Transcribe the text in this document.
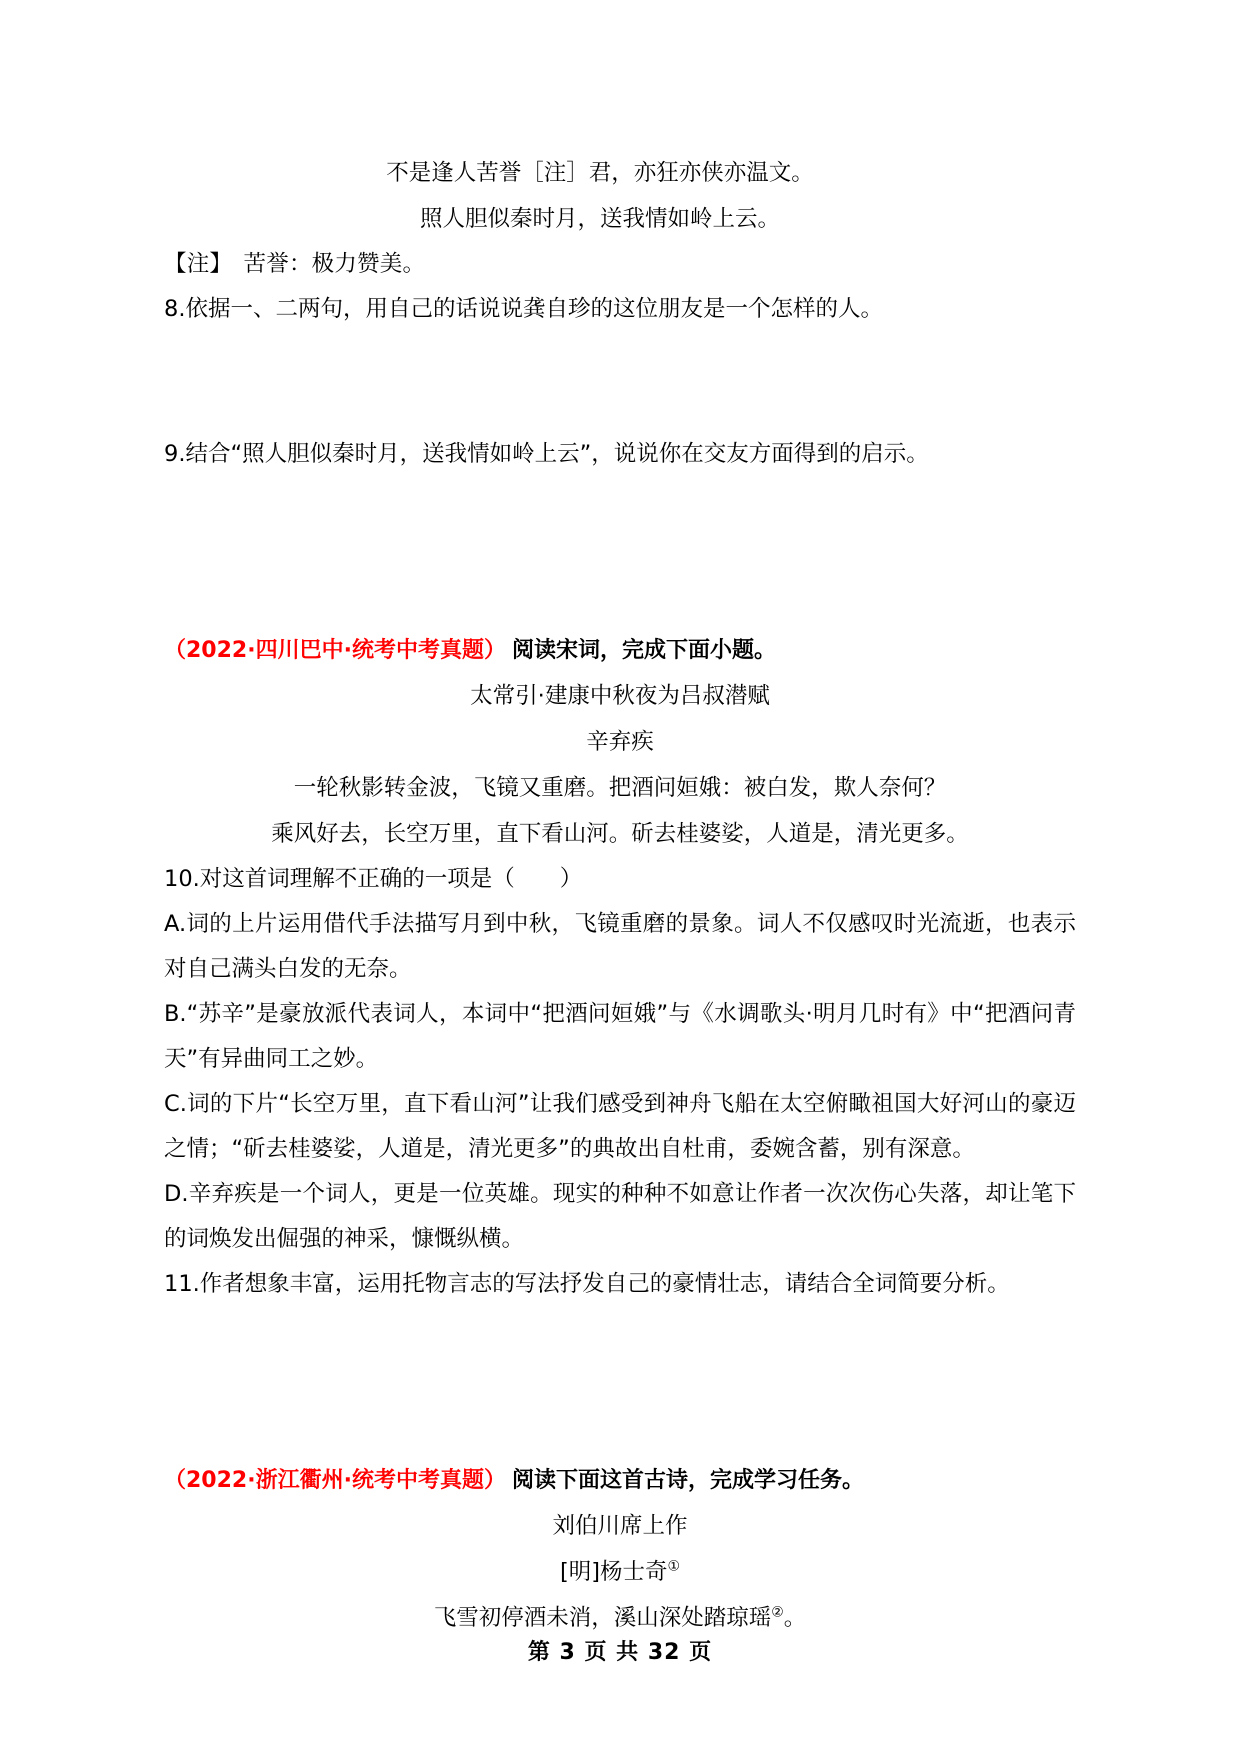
不是逢人苦誉［注］君，亦狂亦侠亦温文。
照人胆似秦时月，送我情如岭上云。
【注】　苦誉：极力赞美。
8.依据一、二两句，用自己的话说说龚自珍的这位朋友是一个怎样的人。
9.结合“照人胆似秦时月，送我情如岭上云”，说说你在交友方面得到的启示。
（2022·四川巴中·统考中考真题） 阅读宋词，完成下面小题。
太常引·建康中秋夜为吕叔潜赋
辛弃疾
一轮秋影转金波，飞镜又重磨。把酒问姮娥：被白发，欺人奈何？
乘风好去，长空万里，直下看山河。斫去桂婆娑，人道是，清光更多。
10.对这首词理解不正确的一项是（　　）
A.词的上片运用借代手法描写月到中秋，飞镜重磨的景象。词人不仅感叹时光流逝，也表示对自己满头白发的无奈。
B.“苏辛”是豪放派代表词人，本词中“把酒问姮娥”与《水调歌头·明月几时有》中“把酒问青天”有异曲同工之妙。
C.词的下片“长空万里，直下看山河”让我们感受到神舟飞船在太空俯瞰祖国大好河山的豪迈之情；“斫去桂婆娑，人道是，清光更多”的典故出自杜甫，委婉含蓄，别有深意。
D.辛弃疾是一个词人，更是一位英雄。现实的种种不如意让作者一次次伤心失落，却让笔下的词焕发出倔强的神采，慷慨纵横。
11.作者想象丰富，运用托物言志的写法抒发自己的豪情壮志，请结合全词简要分析。
（2022·浙江衢州·统考中考真题） 阅读下面这首古诗，完成学习任务。
刘伯川席上作
[明]杨士奇①
飞雪初停酒未消，溪山深处踏琼瑶②。
第 3 页 共 32 页
